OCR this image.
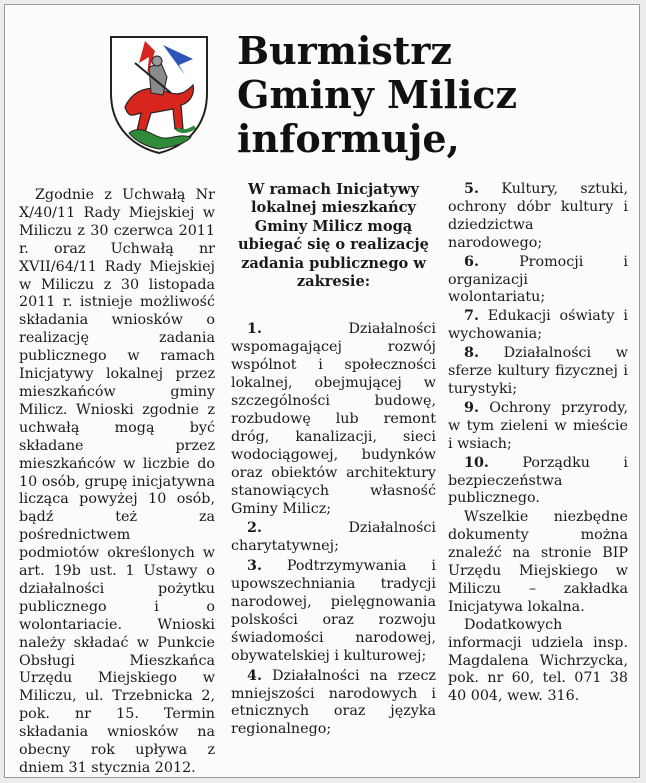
Burmistrz
Gminy Milicz
informuje,

Zgodnie z Uchwałą Nr X/40/11 Rady Miejskiej w Miliczu z 30 czerwca 2011 r. oraz Uchwałą nr XVII/64/11 Rady Miejskiej w Miliczu z 30 listopada 2011 r. istnieje możliwość składania wniosków o realizację zadania publicznego w ramach Inicjatywy lokalnej przez mieszkańców gminy Milicz. Wnioski zgodnie z uchwałą mogą być składane przez mieszkańców w liczbie do 10 osób, grupę inicjatywna licząca powyżej 10 osób, bądź też za pośrednictwem podmiotów określonych w art. 19b ust. 1 Ustawy o działalności pożytku publicznego i o wolontariacie. Wnioski należy składać w Punkcie Obsługi Mieszkańca Urzędu Miejskiego w Miliczu, ul. Trzebnicka 2, pok. nr 15. Termin składania wniosków na obecny rok upływa z dniem 31 stycznia 2012.

W ramach Inicjatywy lokalnej mieszkańcy Gminy Milicz mogą ubiegać się o realizację zadania publicznego w zakresie:

1.	Działalności wspomagającej rozwój wspólnot i społeczności lokalnej, obejmującej w szczególności budowę, rozbudowę lub remont dróg, kanalizacji, sieci wodociągowej, budynków oraz obiektów architektury stanowiących własność Gminy Milicz;

2.	Działalności charytatywnej;

3. Podtrzymywania i upowszechniania tradycji narodowej, pielęgnowania polskości oraz rozwoju świadomości narodowej, obywatelskiej i kulturowej;

4. Działalności na rzecz mniejszości narodowych i etnicznych oraz języka regionalnego;

5. Kultury, sztuki, ochrony dóbr kultury i dziedzictwa narodowego;

6.	Promocji i organizacji wolontariatu;

7. Edukacji oświaty i wychowania;

8. Działalności w sferze kultury fizycznej i turystyki;

9. Ochrony przyrody, w tym zieleni w mieście i wsiach;

10. Porządku i bezpieczeństwa publicznego.

Wszelkie niezbędne dokumenty można znaleźć na stronie BIP Urzędu Miejskiego w Miliczu – zakładka Inicjatywa lokalna.

Dodatkowych informacji udziela insp. Magdalena Wichrzycka, pok. nr 60, tel. 071 38 40 004, wew. 316.
